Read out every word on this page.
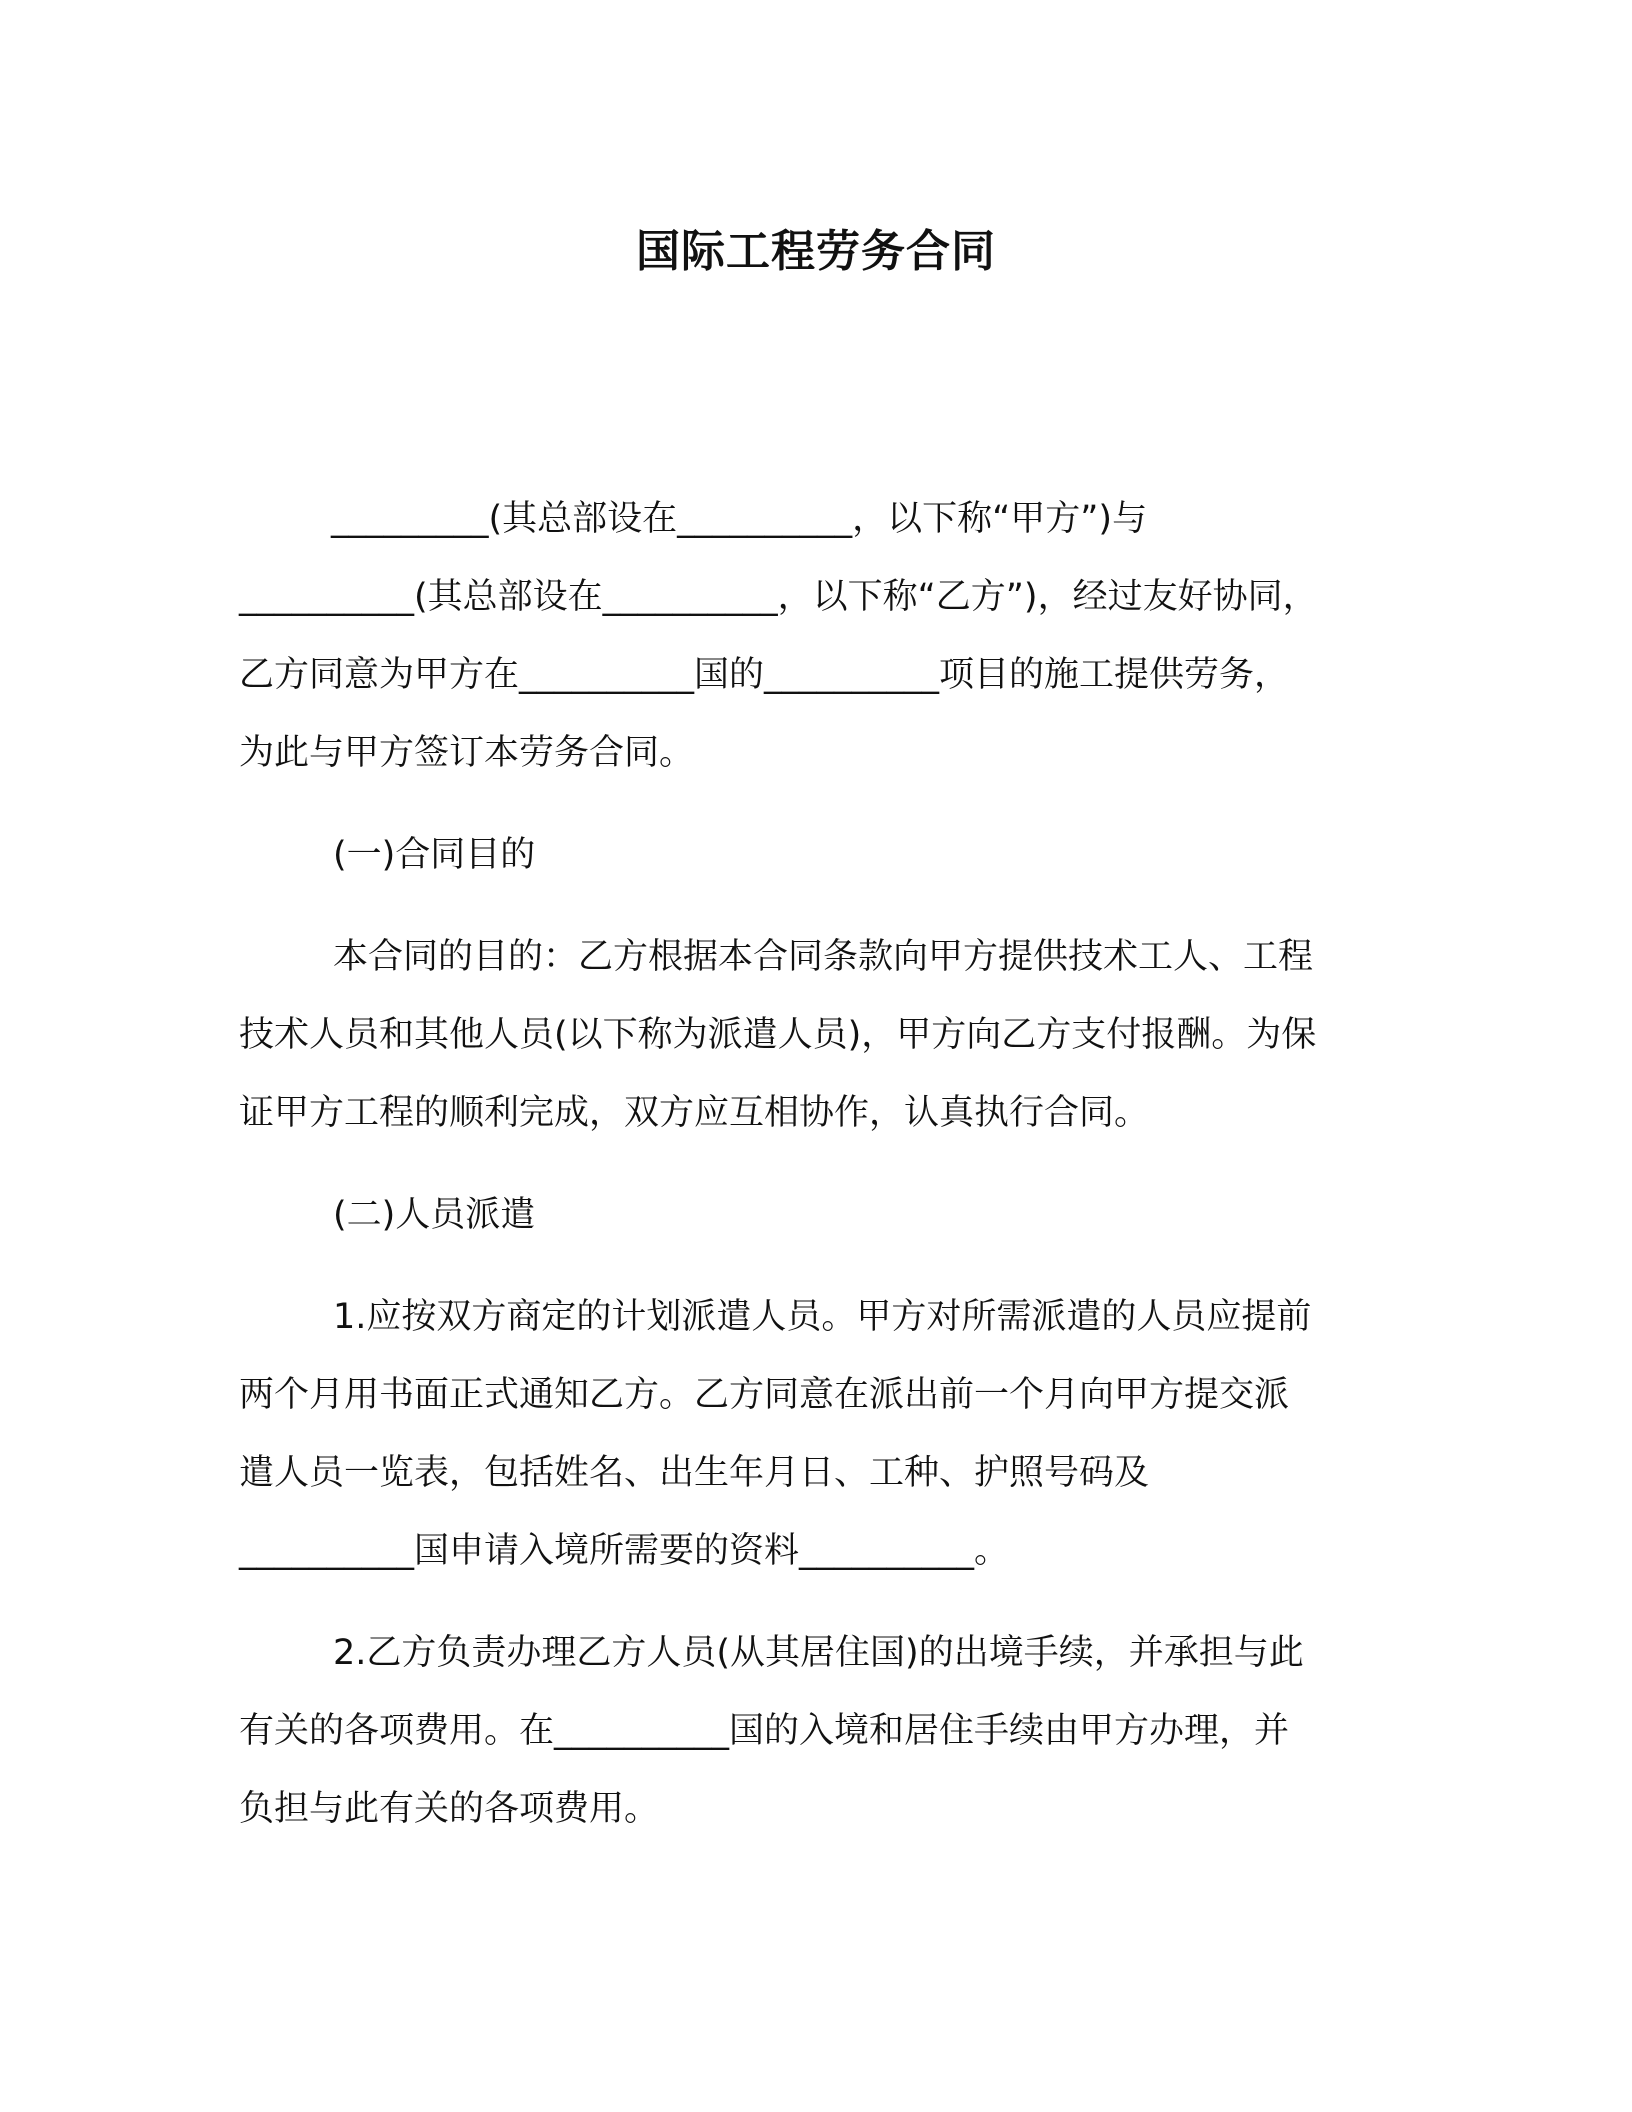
国际工程劳务合同
_________(其总部设在__________，以下称“甲方”)与
__________(其总部设在__________，以下称“乙方”)，经过友好协同，
乙方同意为甲方在__________国的__________项目的施工提供劳务，
为此与甲方签订本劳务合同。
(一)合同目的
本合同的目的：乙方根据本合同条款向甲方提供技术工人、工程
技术人员和其他人员(以下称为派遣人员)，甲方向乙方支付报酬。为保
证甲方工程的顺利完成，双方应互相协作，认真执行合同。
(二)人员派遣
1.应按双方商定的计划派遣人员。甲方对所需派遣的人员应提前
两个月用书面正式通知乙方。乙方同意在派出前一个月向甲方提交派
遣人员一览表，包括姓名、出生年月日、工种、护照号码及
__________国申请入境所需要的资料__________。
2.乙方负责办理乙方人员(从其居住国)的出境手续，并承担与此
有关的各项费用。在__________国的入境和居住手续由甲方办理，并
负担与此有关的各项费用。
